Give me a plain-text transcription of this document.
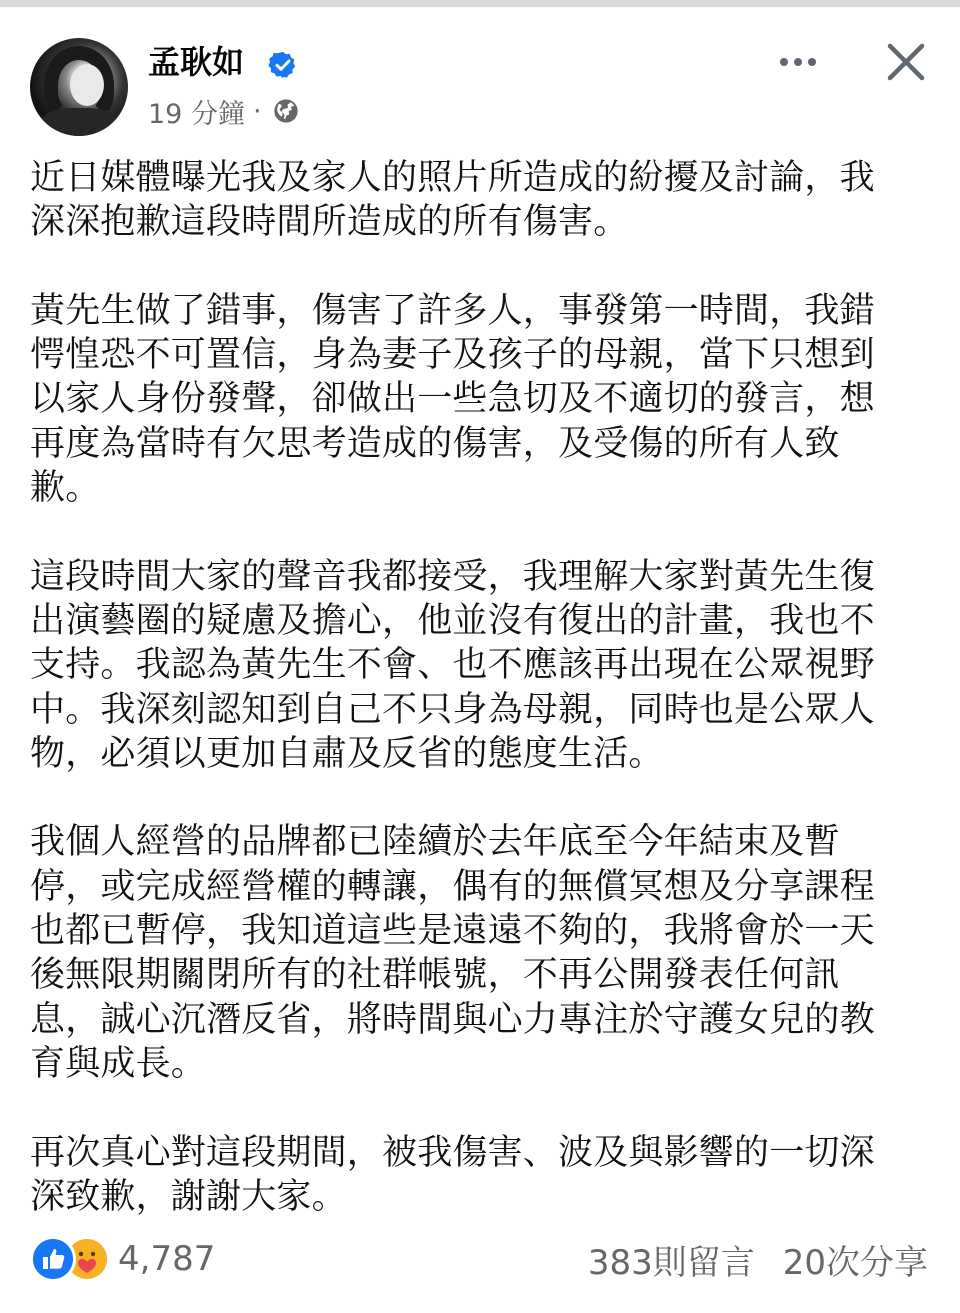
孟耿如
19 分鐘 ·

近日媒體曝光我及家人的照片所造成的紛擾及討論，我
深深抱歉這段時間所造成的所有傷害。

黃先生做了錯事，傷害了許多人，事發第一時間，我錯
愕惶恐不可置信，身為妻子及孩子的母親，當下只想到
以家人身份發聲，卻做出一些急切及不適切的發言，想
再度為當時有欠思考造成的傷害，及受傷的所有人致
歉。

這段時間大家的聲音我都接受，我理解大家對黃先生復
出演藝圈的疑慮及擔心，他並沒有復出的計畫，我也不
支持。我認為黃先生不會、也不應該再出現在公眾視野
中。我深刻認知到自己不只身為母親，同時也是公眾人
物，必須以更加自肅及反省的態度生活。

我個人經營的品牌都已陸續於去年底至今年結束及暫
停，或完成經營權的轉讓，偶有的無償冥想及分享課程
也都已暫停，我知道這些是遠遠不夠的，我將會於一天
後無限期關閉所有的社群帳號，不再公開發表任何訊
息，誠心沉潛反省，將時間與心力專注於守護女兒的教
育與成長。

再次真心對這段期間，被我傷害、波及與影響的一切深
深致歉，謝謝大家。

4,787	383則留言 20次分享
